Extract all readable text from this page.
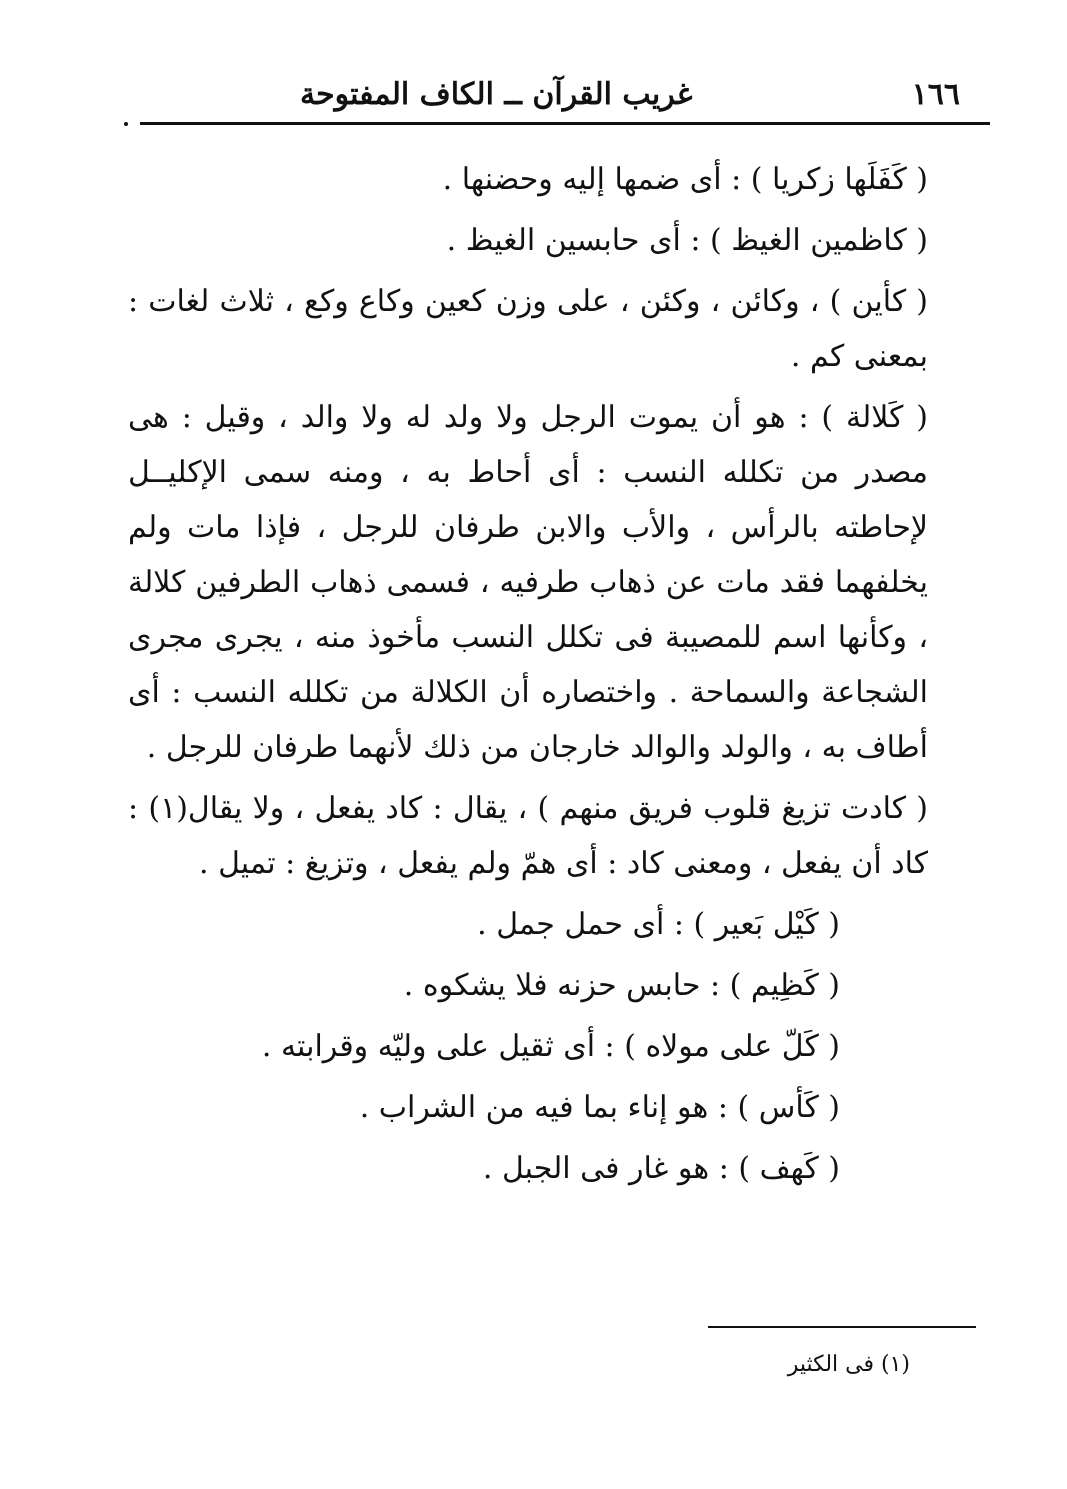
١٦٦
غريب القرآن ــ الكاف المفتوحة

( كَفَلَها زكريا ) : أى ضمها إليه وحضنها .

( كاظمين الغيظ ) : أى حابسين الغيظ .

( كأين ) ، وكائن ، وكئن ، على وزن كعين وكاع وكع ، ثلاث لغات : بمعنى كم .

( كَلالة ) : هو أن يموت الرجل ولا ولد له ولا والد ، وقيل : هى مصدر من تكلله النسب : أى أحاط به ، ومنه سمى الإكليــل لإحاطته بالرأس ، والأب والابن طرفان للرجل ، فإذا مات ولم يخلفهما فقد مات عن ذهاب طرفيه ، فسمى ذهاب الطرفين كلالة ، وكأنها اسم للمصيبة فى تكلل النسب مأخوذ منه ، يجرى مجرى الشجاعة والسماحة . واختصاره أن الكلالة من تكلله النسب : أى أطاف به ، والولد والوالد خارجان من ذلك لأنهما طرفان للرجل .

( كادت تزيغ قلوب فريق منهم ) ، يقال : كاد يفعل ، ولا يقال(١) : كاد أن يفعل ، ومعنى كاد : أى همّ ولم يفعل ، وتزيغ : تميل .

( كَيْل بَعير ) : أى حمل جمل .

( كَظِيم ) : حابس حزنه فلا يشكوه .

( كَلّ على مولاه ) : أى ثقيل على وليّه وقرابته .

( كَأس ) : هو إناء بما فيه من الشراب .

( كَهف ) : هو غار فى الجبل .

(١) فى الكثير
